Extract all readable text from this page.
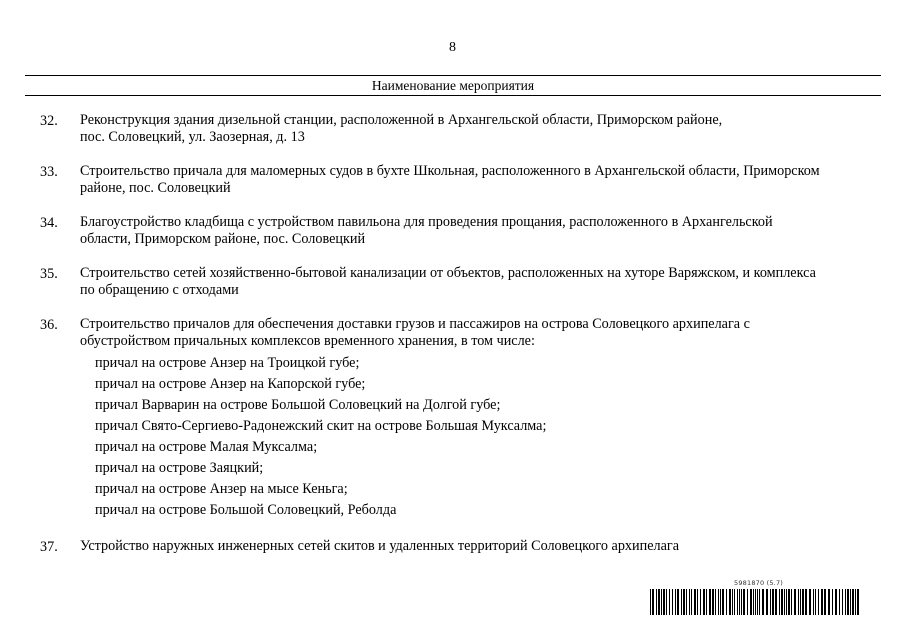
8
Наименование мероприятия
32. Реконструкция здания дизельной станции, расположенной в Архангельской области, Приморском районе,
пос. Соловецкий, ул. Заозерная, д. 13
33. Строительство причала для маломерных судов в бухте Школьная, расположенного в Архангельской области, Приморском
районе, пос. Соловецкий
34. Благоустройство кладбища с устройством павильона для проведения прощания, расположенного в Архангельской
области, Приморском районе, пос. Соловецкий
35. Строительство сетей хозяйственно-бытовой канализации от объектов, расположенных на хуторе Варяжском, и комплекса
по обращению с отходами
36. Строительство причалов для обеспечения доставки грузов и пассажиров на острова Соловецкого архипелага с
обустройством причальных комплексов временного хранения, в том числе:
причал на острове Анзер на Троицкой губе;
причал на острове Анзер на Капорской губе;
причал Варварин на острове Большой Соловецкий на Долгой губе;
причал Свято-Сергиево-Радонежский скит на острове Большая Муксалма;
причал на острове Малая Муксалма;
причал на острове Заяцкий;
причал на острове Анзер на мысе Кеньга;
причал на острове Большой Соловецкий, Реболда
37. Устройство наружных инженерных сетей скитов и удаленных территорий Соловецкого архипелага
5981870 (5.7)
